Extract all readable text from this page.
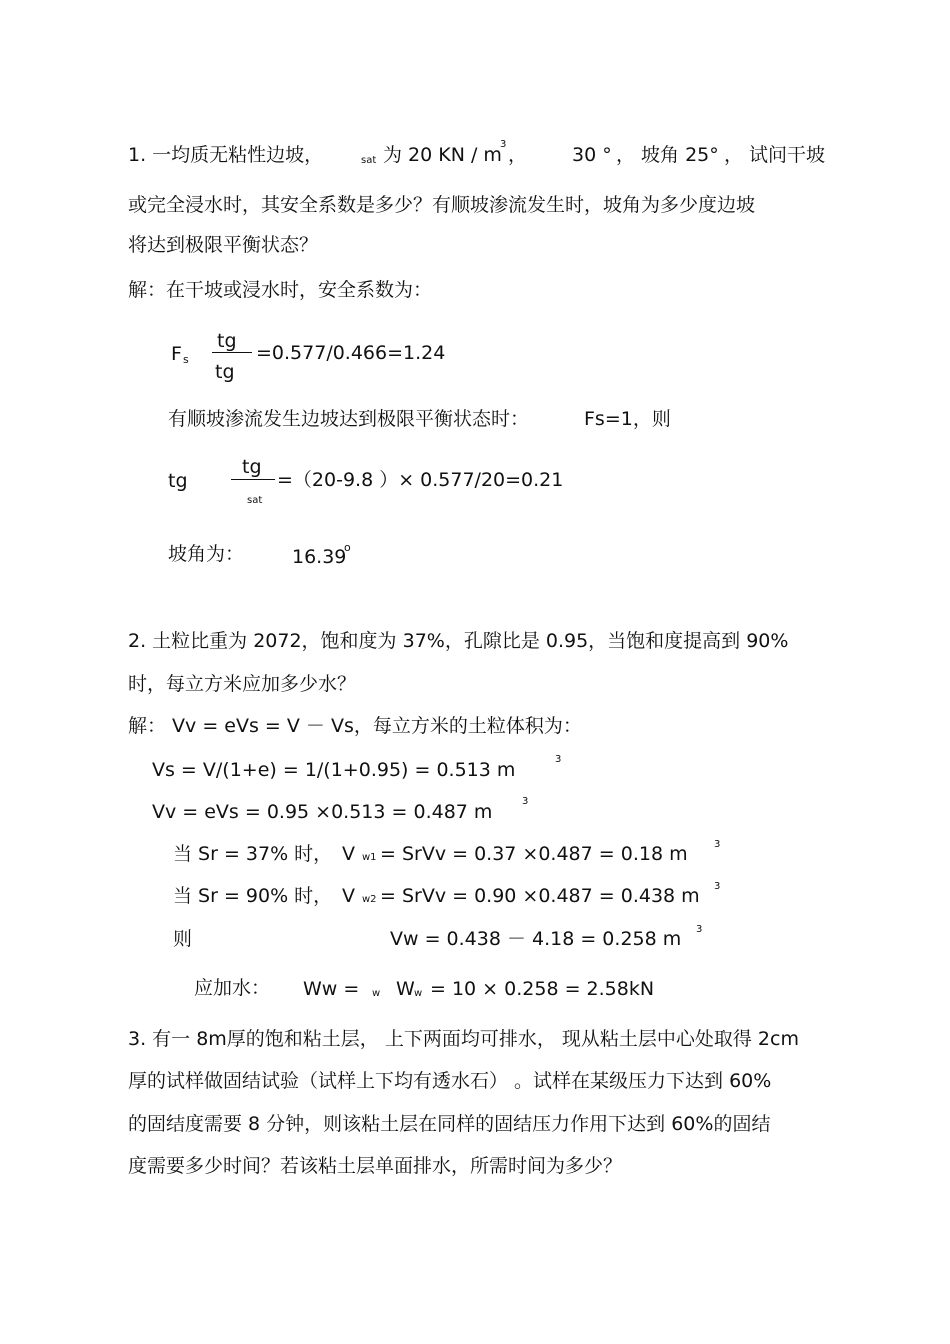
1. 一均质无粘性边坡，	sat 为 20 KN / m
3 ， 30 ° ， 坡角 25° ， 试问干坡
或完全浸水时，其安全系数是多少？有顺坡渗流发生时，坡角为多少度边坡
将达到极限平衡状态？
解：在干坡或浸水时，安全系数为：
F s
tg
tg
=0.577/0.466=1.24
有顺坡渗流发生边坡达到极限平衡状态时：	Fs=1，则
tg
tg
sat
=（20-9.8 ）× 0.577/20=0.21
坡角为：	16.39
o
2. 土粒比重为 2072，饱和度为 37%，孔隙比是 0.95，当饱和度提高到 90%
时，每立方米应加多少水？
解： Vv = eVs = V － Vs，每立方米的土粒体积为：
Vs = V/(1+e) = 1/(1+0.95) = 0.513 m	3
Vv = eVs = 0.95 ×0.513 = 0.487 m	3
当 Sr = 37% 时， V w1 = SrVv = 0.37 ×0.487 = 0.18 m	3
当 Sr = 90% 时， V w2 = SrVv = 0.90 ×0.487 = 0.438 m 3
则	Vw = 0.438 － 4.18 = 0.258 m 3
应加水： Ww = w W w = 10 × 0.258 = 2.58kN
3. 有一 8m厚的饱和粘土层， 上下两面均可排水， 现从粘土层中心处取得 2cm
厚的试样做固结试验（试样上下均有透水石） 。试样在某级压力下达到 60%
的固结度需要 8 分钟，则该粘土层在同样的固结压力作用下达到 60%的固结
度需要多少时间？若该粘土层单面排水，所需时间为多少？
